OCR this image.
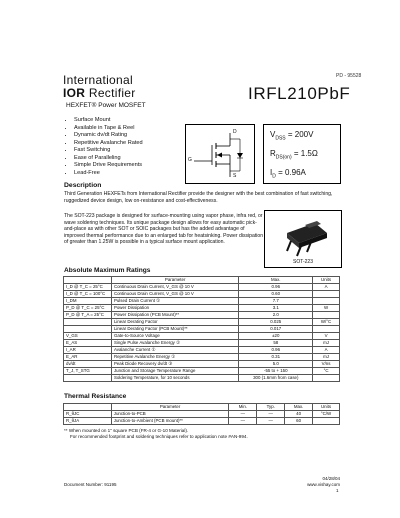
PD - 95528
International
IOR Rectifier	IRFL210PbF
HEXFET® Power MOSFET
• Surface Mount
• Available in Tape & Reel
• Dynamic dv/dt Rating
• Repetitive Avalanche Rated
• Fast Switching
• Ease of Paralleling
• Simple Drive Requirements
• Lead-Free
G
D
S
$V_{DSS} = 200V$
$R_{DS(on)} = 1.5\Omega$
$I_D = 0.96A$
Description
Third Generation HEXFETs from International Rectifier provide the designer with the best combination of fast switching, ruggedized device design, low on-resistance and cost-effectiveness.
The SOT-223 package is designed for surface-mounting using vapor phase, infra red, or wave soldering techniques. Its unique package design allows for easy automatic pick-and-place as with other SOT or SOIC packages but has the added advantage of improved thermal performance due to an enlarged tab for heatsinking. Power dissipation of greater than 1.25W is possible in a typical surface mount application.
SOT-223
Absolute Maximum Ratings
	Parameter	Max.	Units
I_D @ T_C = 25°C	Continuous Drain Current, V_GS @ 10 V	0.96	A
I_D @ T_C = 100°C	Continuous Drain Current, V_GS @ 10 V	0.60	
I_DM	Pulsed Drain Current ①	7.7	
P_D @ T_C = 25°C	Power Dissipation	3.1	W
P_D @ T_A = 25°C	Power Dissipation (PCB Mount)**	2.0	
	Linear Derating Factor	0.025	W/°C
	Linear Derating Factor (PCB Mount)**	0.017	
V_GS	Gate-to-Source Voltage	±20	V
E_AS	Single Pulse Avalanche Energy ②	58	mJ
I_AR	Avalanche Current ①	0.96	A
E_AR	Repetitive Avalanche Energy ①	0.31	mJ
dv/dt	Peak Diode Recovery dv/dt ③	5.0	V/ns
T_J, T_STG	Junction and Storage Temperature Range	-55 to + 150	°C
	Soldering Temperature, for 10 seconds	300 (1.6mm from case)	
Thermal Resistance
	Parameter	Min.	Typ.	Max.	Units
R_θJC	Junction-to-PCB	—	—	40	°C/W
R_θJA	Junction-to-Ambient (PCB mount)**	—	—	60	
** When mounted on 1" square PCB (FR-4 or G-10 Material).
For recommended footprint and soldering techniques refer to application note #AN-994.
Document Number: 91195
04/28/04
www.vishay.com
1
